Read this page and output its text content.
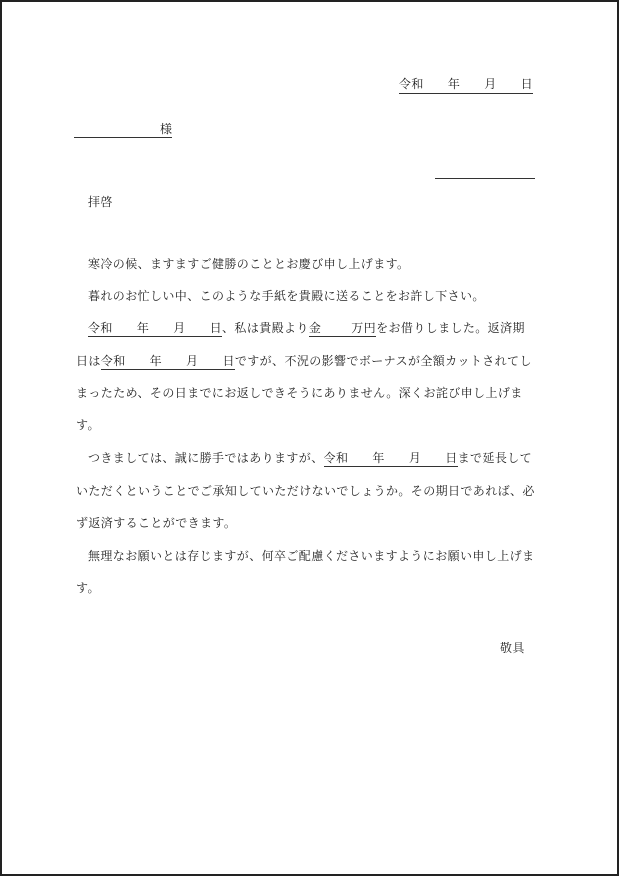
令和 年 月 日
様
拝啓
寒冷の候、ますますご健勝のこととお慶び申し上げます。
暮れのお忙しい中、このような手紙を貴殿に送ることをお許し下さい。
令和 年 月 日、私は貴殿より金	万円をお借りしました。返済期
日は令和 年 月 日ですが、不況の影響でボーナスが全額カットされてし
まったため、その日までにお返しできそうにありません。深くお詫び申し上げま
す。
つきましては、誠に勝手ではありますが、令和 年 月 日まで延長して
いただくということでご承知していただけないでしょうか。その期日であれば、必
ず返済することができます。
無理なお願いとは存じますが、何卒ご配慮くださいますようにお願い申し上げま
す。
敬具
